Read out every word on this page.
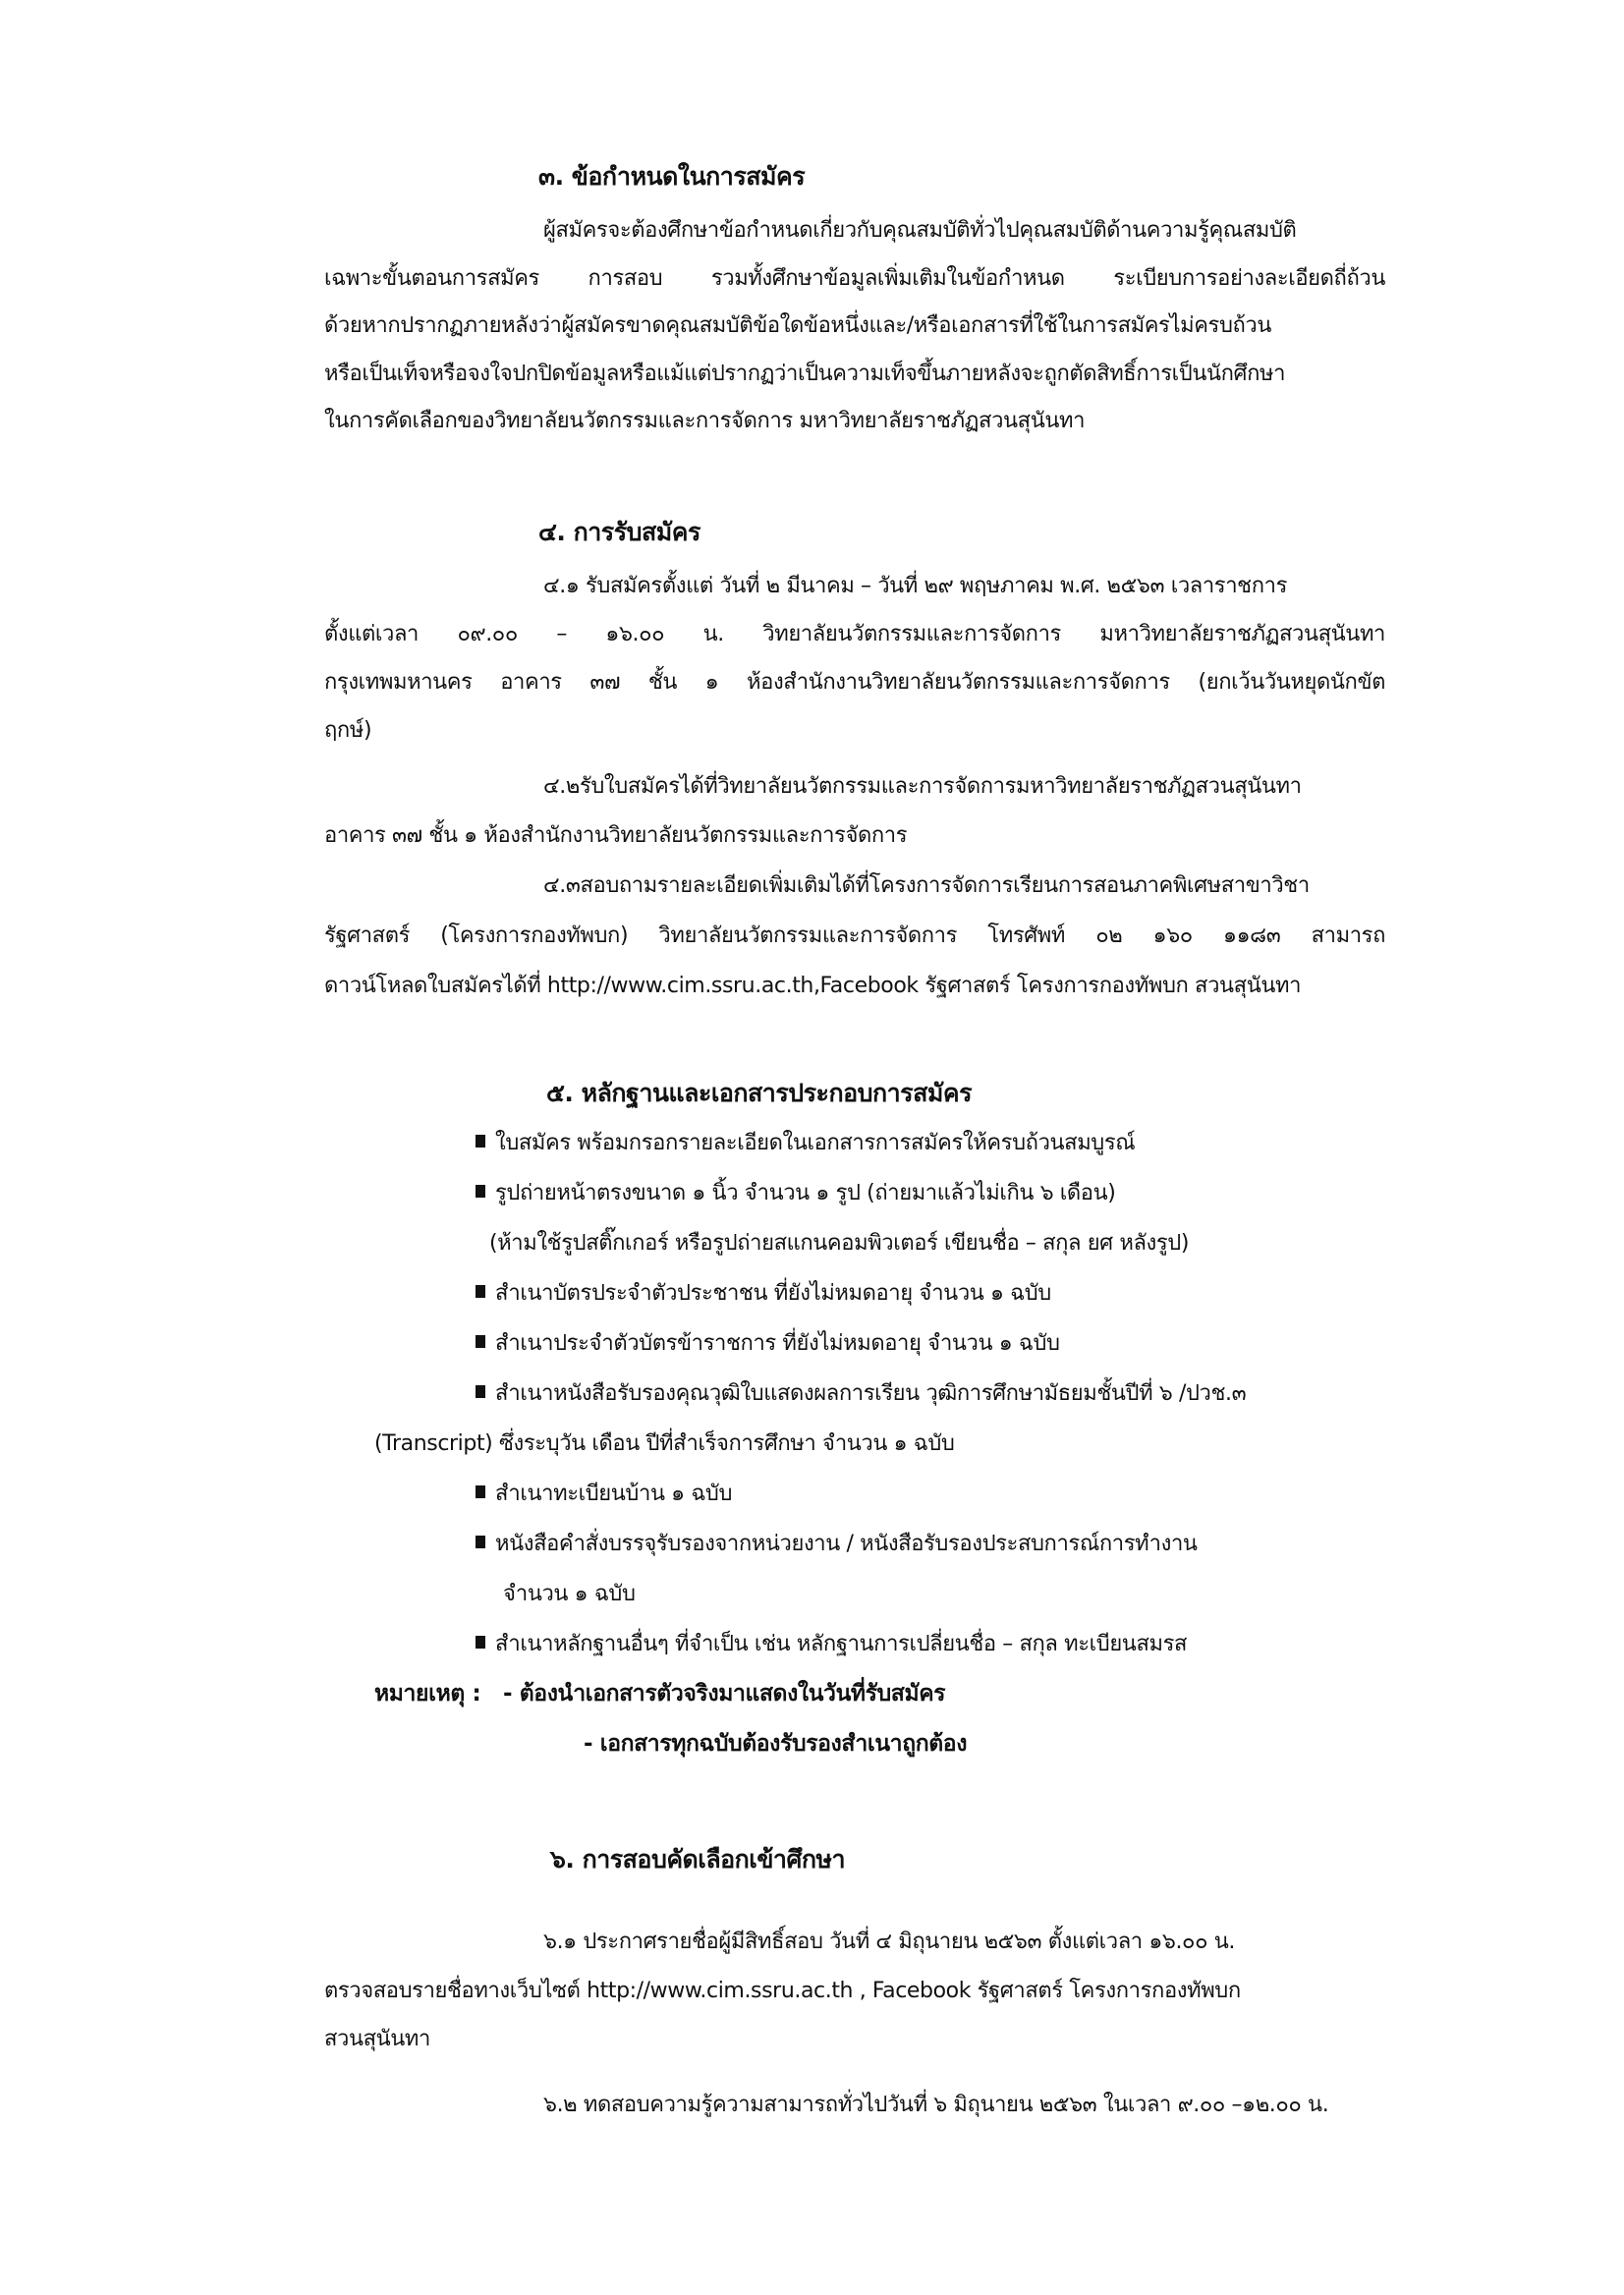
๓. ข้อกำหนดในการสมัคร
ผู้สมัครจะต้องศึกษาข้อกำหนดเกี่ยวกับคุณสมบัติทั่วไปคุณสมบัติด้านความรู้คุณสมบัติ
เฉพาะขั้นตอนการสมัคร การสอบ รวมทั้งศึกษาข้อมูลเพิ่มเติมในข้อกำหนด ระเบียบการอย่างละเอียดถี่ถ้วน
ด้วยหากปรากฏภายหลังว่าผู้สมัครขาดคุณสมบัติข้อใดข้อหนึ่งและ/หรือเอกสารที่ใช้ในการสมัครไม่ครบถ้วน
หรือเป็นเท็จหรือจงใจปกปิดข้อมูลหรือแม้แต่ปรากฏว่าเป็นความเท็จขึ้นภายหลังจะถูกตัดสิทธิ์การเป็นนักศึกษา
ในการคัดเลือกของวิทยาลัยนวัตกรรมและการจัดการ มหาวิทยาลัยราชภัฏสวนสุนันทา
๔. การรับสมัคร
๔.๑ รับสมัครตั้งแต่ วันที่ ๒ มีนาคม – วันที่ ๒๙ พฤษภาคม พ.ศ. ๒๕๖๓ เวลาราชการ
ตั้งแต่เวลา ๐๙.๐๐ – ๑๖.๐๐ น. วิทยาลัยนวัตกรรมและการจัดการ มหาวิทยาลัยราชภัฏสวนสุนันทา
กรุงเทพมหานคร อาคาร ๓๗ ชั้น ๑ ห้องสำนักงานวิทยาลัยนวัตกรรมและการจัดการ (ยกเว้นวันหยุดนักขัต
ฤกษ์)
๔.๒รับใบสมัครได้ที่วิทยาลัยนวัตกรรมและการจัดการมหาวิทยาลัยราชภัฏสวนสุนันทา
อาคาร ๓๗ ชั้น ๑ ห้องสำนักงานวิทยาลัยนวัตกรรมและการจัดการ
๔.๓สอบถามรายละเอียดเพิ่มเติมได้ที่โครงการจัดการเรียนการสอนภาคพิเศษสาขาวิชา
รัฐศาสตร์ (โครงการกองทัพบก) วิทยาลัยนวัตกรรมและการจัดการ โทรศัพท์ ๐๒ ๑๖๐ ๑๑๘๓ สามารถ
ดาวน์โหลดใบสมัครได้ที่ http://www.cim.ssru.ac.th,Facebook รัฐศาสตร์ โครงการกองทัพบก สวนสุนันทา
๕. หลักฐานและเอกสารประกอบการสมัคร
ใบสมัคร พร้อมกรอกรายละเอียดในเอกสารการสมัครให้ครบถ้วนสมบูรณ์
รูปถ่ายหน้าตรงขนาด ๑ นิ้ว จำนวน ๑ รูป (ถ่ายมาแล้วไม่เกิน ๖ เดือน)
(ห้ามใช้รูปสติ๊กเกอร์ หรือรูปถ่ายสแกนคอมพิวเตอร์ เขียนชื่อ – สกุล ยศ หลังรูป)
สำเนาบัตรประจำตัวประชาชน ที่ยังไม่หมดอายุ จำนวน ๑ ฉบับ
สำเนาประจำตัวบัตรข้าราชการ ที่ยังไม่หมดอายุ จำนวน ๑ ฉบับ
สำเนาหนังสือรับรองคุณวุฒิใบแสดงผลการเรียน วุฒิการศึกษามัธยมชั้นปีที่ ๖ /ปวช.๓
(Transcript) ซึ่งระบุวัน เดือน ปีที่สำเร็จการศึกษา จำนวน ๑ ฉบับ
สำเนาทะเบียนบ้าน ๑ ฉบับ
หนังสือคำสั่งบรรจุรับรองจากหน่วยงาน / หนังสือรับรองประสบการณ์การทำงาน
จำนวน ๑ ฉบับ
สำเนาหลักฐานอื่นๆ ที่จำเป็น เช่น หลักฐานการเปลี่ยนชื่อ – สกุล ทะเบียนสมรส
หมายเหตุ : - ต้องนำเอกสารตัวจริงมาแสดงในวันที่รับสมัคร
- เอกสารทุกฉบับต้องรับรองสำเนาถูกต้อง
๖. การสอบคัดเลือกเข้าศึกษา
๖.๑ ประกาศรายชื่อผู้มีสิทธิ์สอบ วันที่ ๔ มิถุนายน ๒๕๖๓ ตั้งแต่เวลา ๑๖.๐๐ น.
ตรวจสอบรายชื่อทางเว็บไซต์ http://www.cim.ssru.ac.th , Facebook รัฐศาสตร์ โครงการกองทัพบก
สวนสุนันทา
๖.๒ ทดสอบความรู้ความสามารถทั่วไปวันที่ ๖ มิถุนายน ๒๕๖๓ ในเวลา ๙.๐๐ –๑๒.๐๐ น.
